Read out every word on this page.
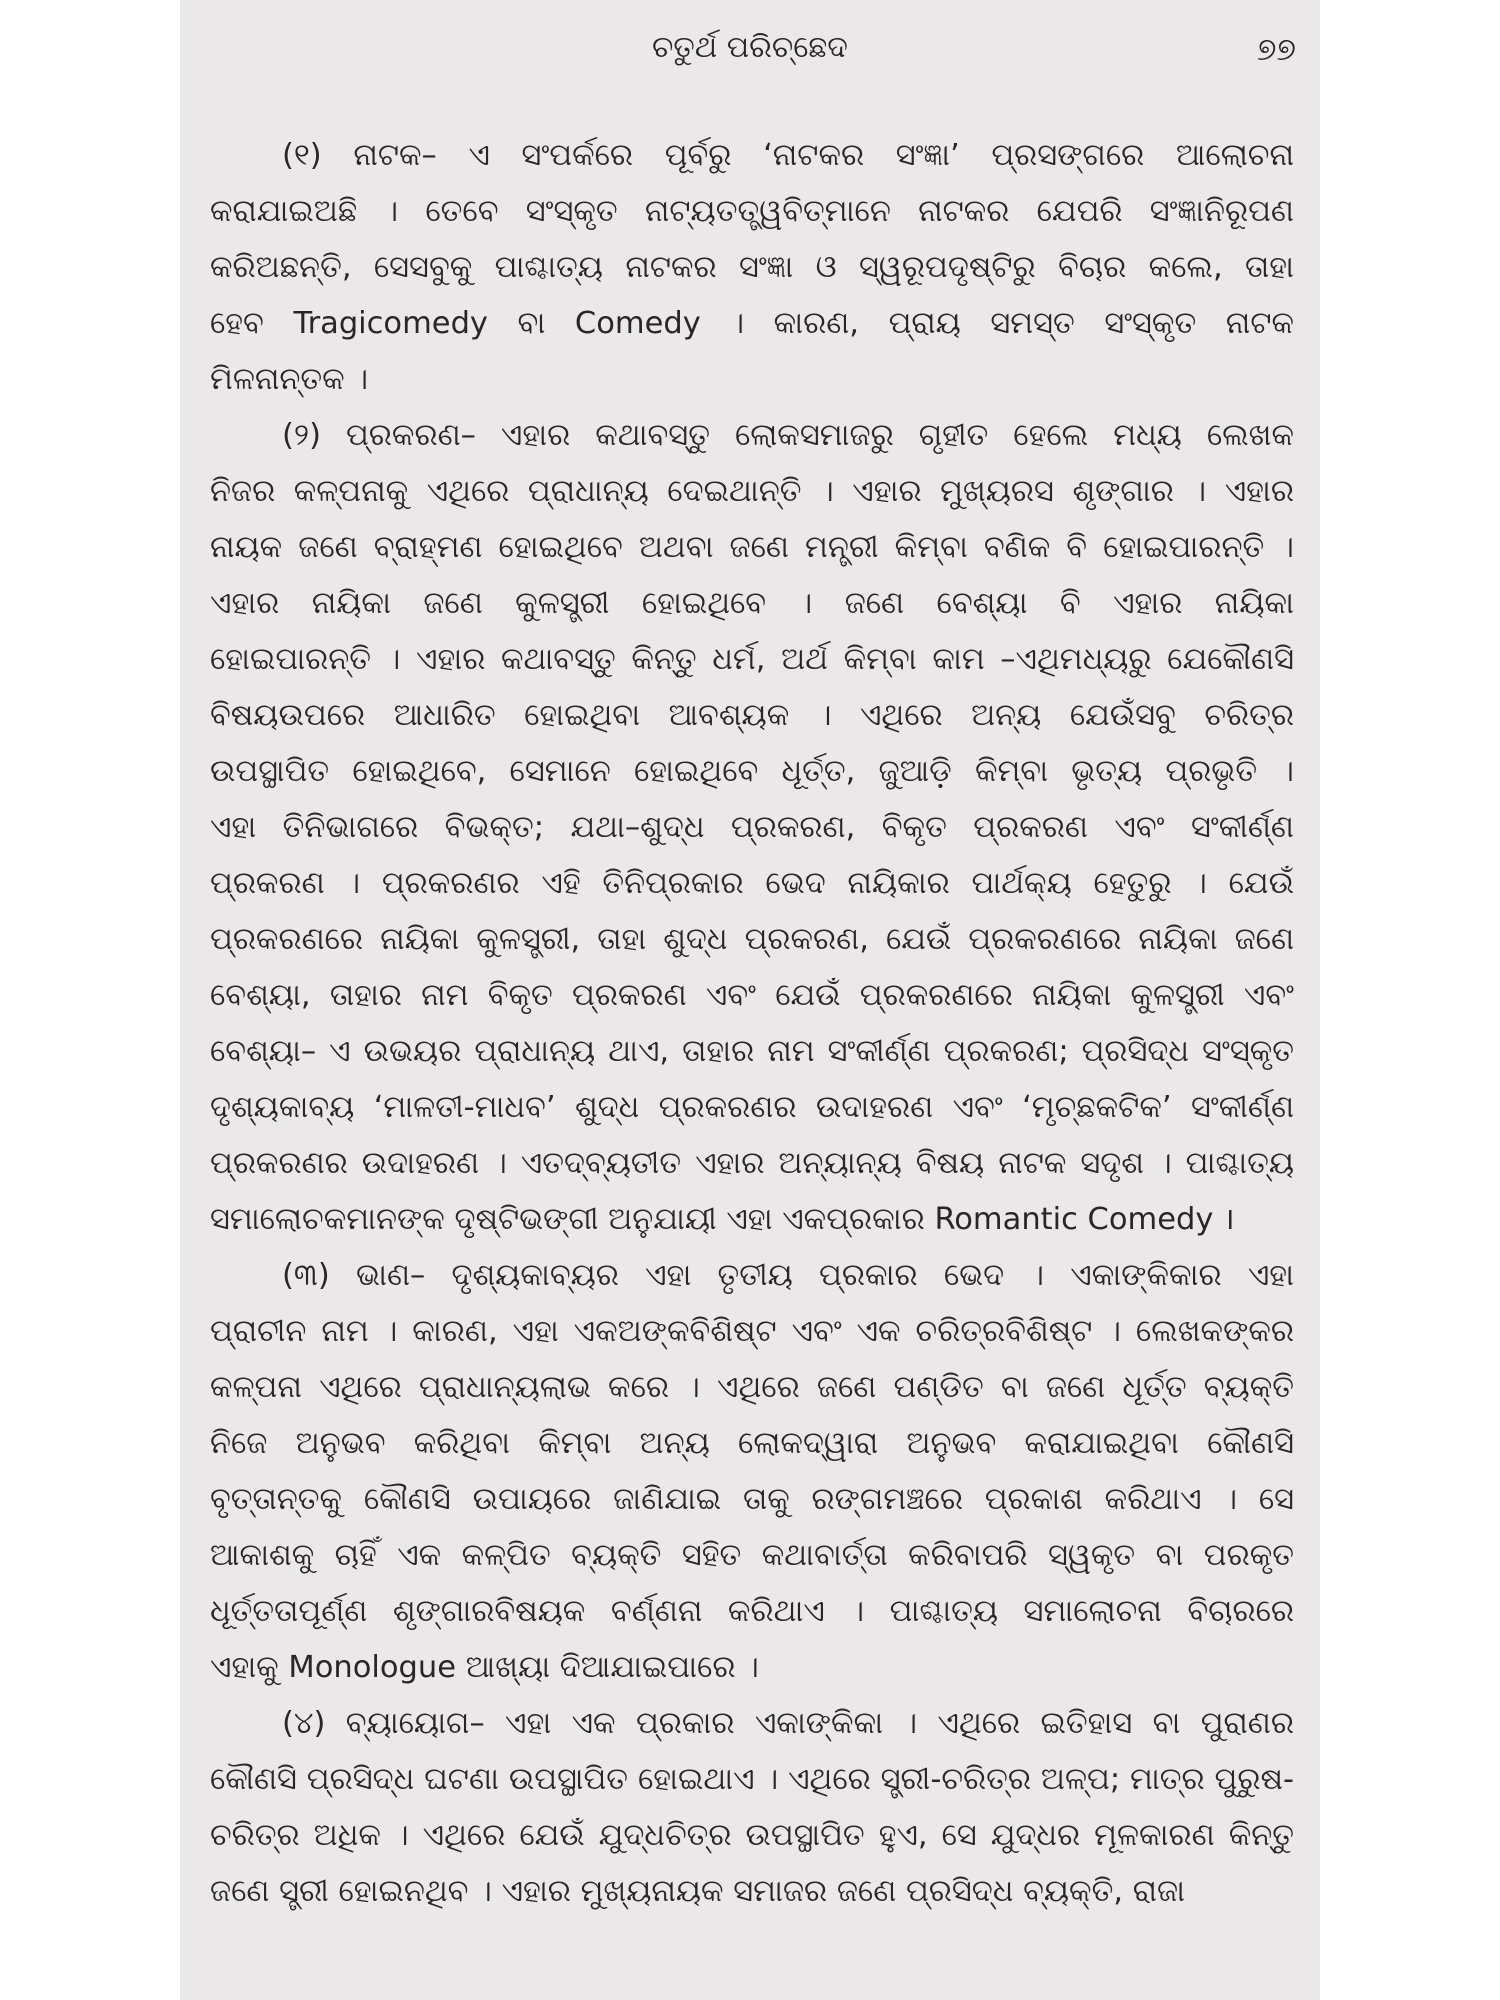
ଚତୁର୍ଥ ପରିଚ୍ଛେଦ	୭୭
(୧) ନାଟକ– ଏ ସଂପର୍କରେ ପୂର୍ବରୁ ‘ନାଟକର ସଂଜ୍ଞା’ ପ୍ରସଙ୍ଗରେ ଆଲୋଚନା
କରାଯାଇଅଛି । ତେବେ ସଂସ୍କୃତ ନାଟ୍ୟତତ୍ତ୍ୱବିତ୍‌ମାନେ ନାଟକର ଯେପରି ସଂଜ୍ଞାନିରୂପଣ
କରିଅଛନ୍ତି, ସେସବୁକୁ ପାଶ୍ଚାତ୍ୟ ନାଟକର ସଂଜ୍ଞା ଓ ସ୍ୱରୂପଦୃଷ୍ଟିରୁ ବିଚାର କଲେ, ତାହା
ହେବ Tragicomedy ବା Comedy । କାରଣ, ପ୍ରାୟ ସମସ୍ତ ସଂସ୍କୃତ ନାଟକ
ମିଳନାନ୍ତକ ।
(୨) ପ୍ରକରଣ– ଏହାର କଥାବସ୍ତୁ ଲୋକସମାଜରୁ ଗୃହୀତ ହେଲେ ମଧ୍ୟ ଲେଖକ
ନିଜର କଳ୍ପନାକୁ ଏଥିରେ ପ୍ରାଧାନ୍ୟ ଦେଇଥାନ୍ତି । ଏହାର ମୁଖ୍ୟରସ ଶୃଙ୍ଗାର । ଏହାର
ନାୟକ ଜଣେ ବ୍ରାହ୍ମଣ ହୋଇଥିବେ ଅଥବା ଜଣେ ମନ୍ତ୍ରୀ କିମ୍ବା ବଣିକ ବି ହୋଇପାରନ୍ତି ।
ଏହାର ନାୟିକା ଜଣେ କୁଳସ୍ତ୍ରୀ ହୋଇଥିବେ । ଜଣେ ବେଶ୍ୟା ବି ଏହାର ନାୟିକା
ହୋଇପାରନ୍ତି । ଏହାର କଥାବସ୍ତୁ କିନ୍ତୁ ଧର୍ମ, ଅର୍ଥ କିମ୍ବା କାମ –ଏଥିମଧ୍ୟରୁ ଯେକୌଣସି
ବିଷୟଉପରେ ଆଧାରିତ ହୋଇଥିବା ଆବଶ୍ୟକ । ଏଥିରେ ଅନ୍ୟ ଯେଉଁସବୁ ଚରିତ୍ର
ଉପସ୍ଥାପିତ ହୋଇଥିବେ, ସେମାନେ ହୋଇଥିବେ ଧୂର୍ତ୍ତ, ଜୁଆଡ଼ି କିମ୍ବା ଭୃତ୍ୟ ପ୍ରଭୃତି ।
ଏହା ତିନିଭାଗରେ ବିଭକ୍ତ; ଯଥା–ଶୁଦ୍ଧ ପ୍ରକରଣ, ବିକୃତ ପ୍ରକରଣ ଏବଂ ସଂକୀର୍ଣ୍ଣ
ପ୍ରକରଣ । ପ୍ରକରଣର ଏହି ତିନିପ୍ରକାର ଭେଦ ନାୟିକାର ପାର୍ଥକ୍ୟ ହେତୁରୁ । ଯେଉଁ
ପ୍ରକରଣରେ ନାୟିକା କୁଳସ୍ତ୍ରୀ, ତାହା ଶୁଦ୍ଧ ପ୍ରକରଣ, ଯେଉଁ ପ୍ରକରଣରେ ନାୟିକା ଜଣେ
ବେଶ୍ୟା, ତାହାର ନାମ ବିକୃତ ପ୍ରକରଣ ଏବଂ ଯେଉଁ ପ୍ରକରଣରେ ନାୟିକା କୁଳସ୍ତ୍ରୀ ଏବଂ
ବେଶ୍ୟା– ଏ ଉଭୟର ପ୍ରାଧାନ୍ୟ ଥାଏ, ତାହାର ନାମ ସଂକୀର୍ଣ୍ଣ ପ୍ରକରଣ; ପ୍ରସିଦ୍ଧ ସଂସ୍କୃତ
ଦୃଶ୍ୟକାବ୍ୟ ‘ମାଳତୀ-ମାଧବ’ ଶୁଦ୍ଧ ପ୍ରକରଣର ଉଦାହରଣ ଏବଂ ‘ମୃଚ୍ଛକଟିକ’ ସଂକୀର୍ଣ୍ଣ
ପ୍ରକରଣର ଉଦାହରଣ । ଏତଦ୍‌ବ୍ୟତୀତ ଏହାର ଅନ୍ୟାନ୍ୟ ବିଷୟ ନାଟକ ସଦୃଶ । ପାଶ୍ଚାତ୍ୟ
ସମାଲୋଚକମାନଙ୍କ ଦୃଷ୍ଟିଭଙ୍ଗୀ ଅନୁଯାୟୀ ଏହା ଏକପ୍ରକାର Romantic Comedy ।
(୩) ଭାଣ– ଦୃଶ୍ୟକାବ୍ୟର ଏହା ତୃତୀୟ ପ୍ରକାର ଭେଦ । ଏକାଙ୍କିକାର ଏହା
ପ୍ରାଚୀନ ନାମ । କାରଣ, ଏହା ଏକଅଙ୍କବିଶିଷ୍ଟ ଏବଂ ଏକ ଚରିତ୍ରବିଶିଷ୍ଟ । ଲେଖକଙ୍କର
କଳ୍ପନା ଏଥିରେ ପ୍ରାଧାନ୍ୟଲାଭ କରେ । ଏଥିରେ ଜଣେ ପଣ୍ଡିତ ବା ଜଣେ ଧୂର୍ତ୍ତ ବ୍ୟକ୍ତି
ନିଜେ ଅନୁଭବ କରିଥିବା କିମ୍ବା ଅନ୍ୟ ଲୋକଦ୍ୱାରା ଅନୁଭବ କରାଯାଇଥିବା କୌଣସି
ବୃତ୍ତାନ୍ତକୁ କୌଣସି ଉପାୟରେ ଜାଣିଯାଇ ତାକୁ ରଙ୍ଗମଞ୍ଚରେ ପ୍ରକାଶ କରିଥାଏ । ସେ
ଆକାଶକୁ ଚାହିଁ ଏକ କଳ୍ପିତ ବ୍ୟକ୍ତି ସହିତ କଥାବାର୍ତ୍ତା କରିବାପରି ସ୍ୱକୃତ ବା ପରକୃତ
ଧୂର୍ତ୍ତତାପୂର୍ଣ୍ଣ ଶୃଙ୍ଗାରବିଷୟକ ବର୍ଣ୍ଣନା କରିଥାଏ । ପାଶ୍ଚାତ୍ୟ ସମାଲୋଚନା ବିଚାରରେ
ଏହାକୁ Monologue ଆଖ୍ୟା ଦିଆଯାଇପାରେ ।
(୪) ବ୍ୟାୟୋଗ– ଏହା ଏକ ପ୍ରକାର ଏକାଙ୍କିକା । ଏଥିରେ ଇତିହାସ ବା ପୁରାଣର
କୌଣସି ପ୍ରସିଦ୍ଧ ଘଟଣା ଉପସ୍ଥାପିତ ହୋଇଥାଏ । ଏଥିରେ ସ୍ତ୍ରୀ-ଚରିତ୍ର ଅଳ୍ପ; ମାତ୍ର ପୁରୁଷ-
ଚରିତ୍ର ଅଧିକ । ଏଥିରେ ଯେଉଁ ଯୁଦ୍ଧଚିତ୍ର ଉପସ୍ଥାପିତ ହୁଏ, ସେ ଯୁଦ୍ଧର ମୂଳକାରଣ କିନ୍ତୁ
ଜଣେ ସ୍ତ୍ରୀ ହୋଇନଥିବ । ଏହାର ମୁଖ୍ୟନାୟକ ସମାଜର ଜଣେ ପ୍ରସିଦ୍ଧ ବ୍ୟକ୍ତି, ରାଜା
